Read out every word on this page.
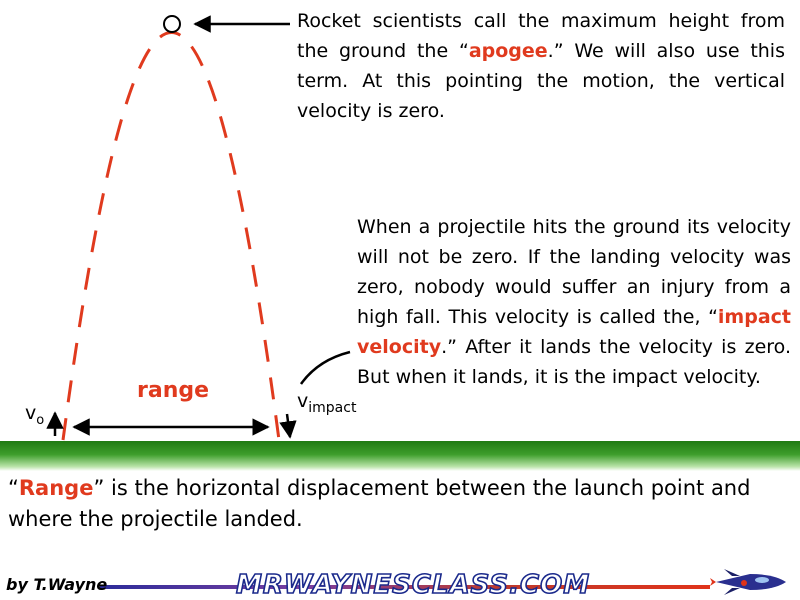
Rocket scientists call the maximum height from the ground the “apogee.” We will also use this term. At this pointing the motion, the vertical velocity is zero.
When a projectile hits the ground its velocity will not be zero. If the landing velocity was zero, nobody would suffer an injury from a high fall. This velocity is called the, “impact velocity.” After it lands the velocity is zero. But when it lands, it is the impact velocity.
range
$v_o$
$v_{impact}$
“Range” is the horizontal displacement between the launch point and where the projectile landed.
by T.Wayne	MRWAYNESCLASS.COM
